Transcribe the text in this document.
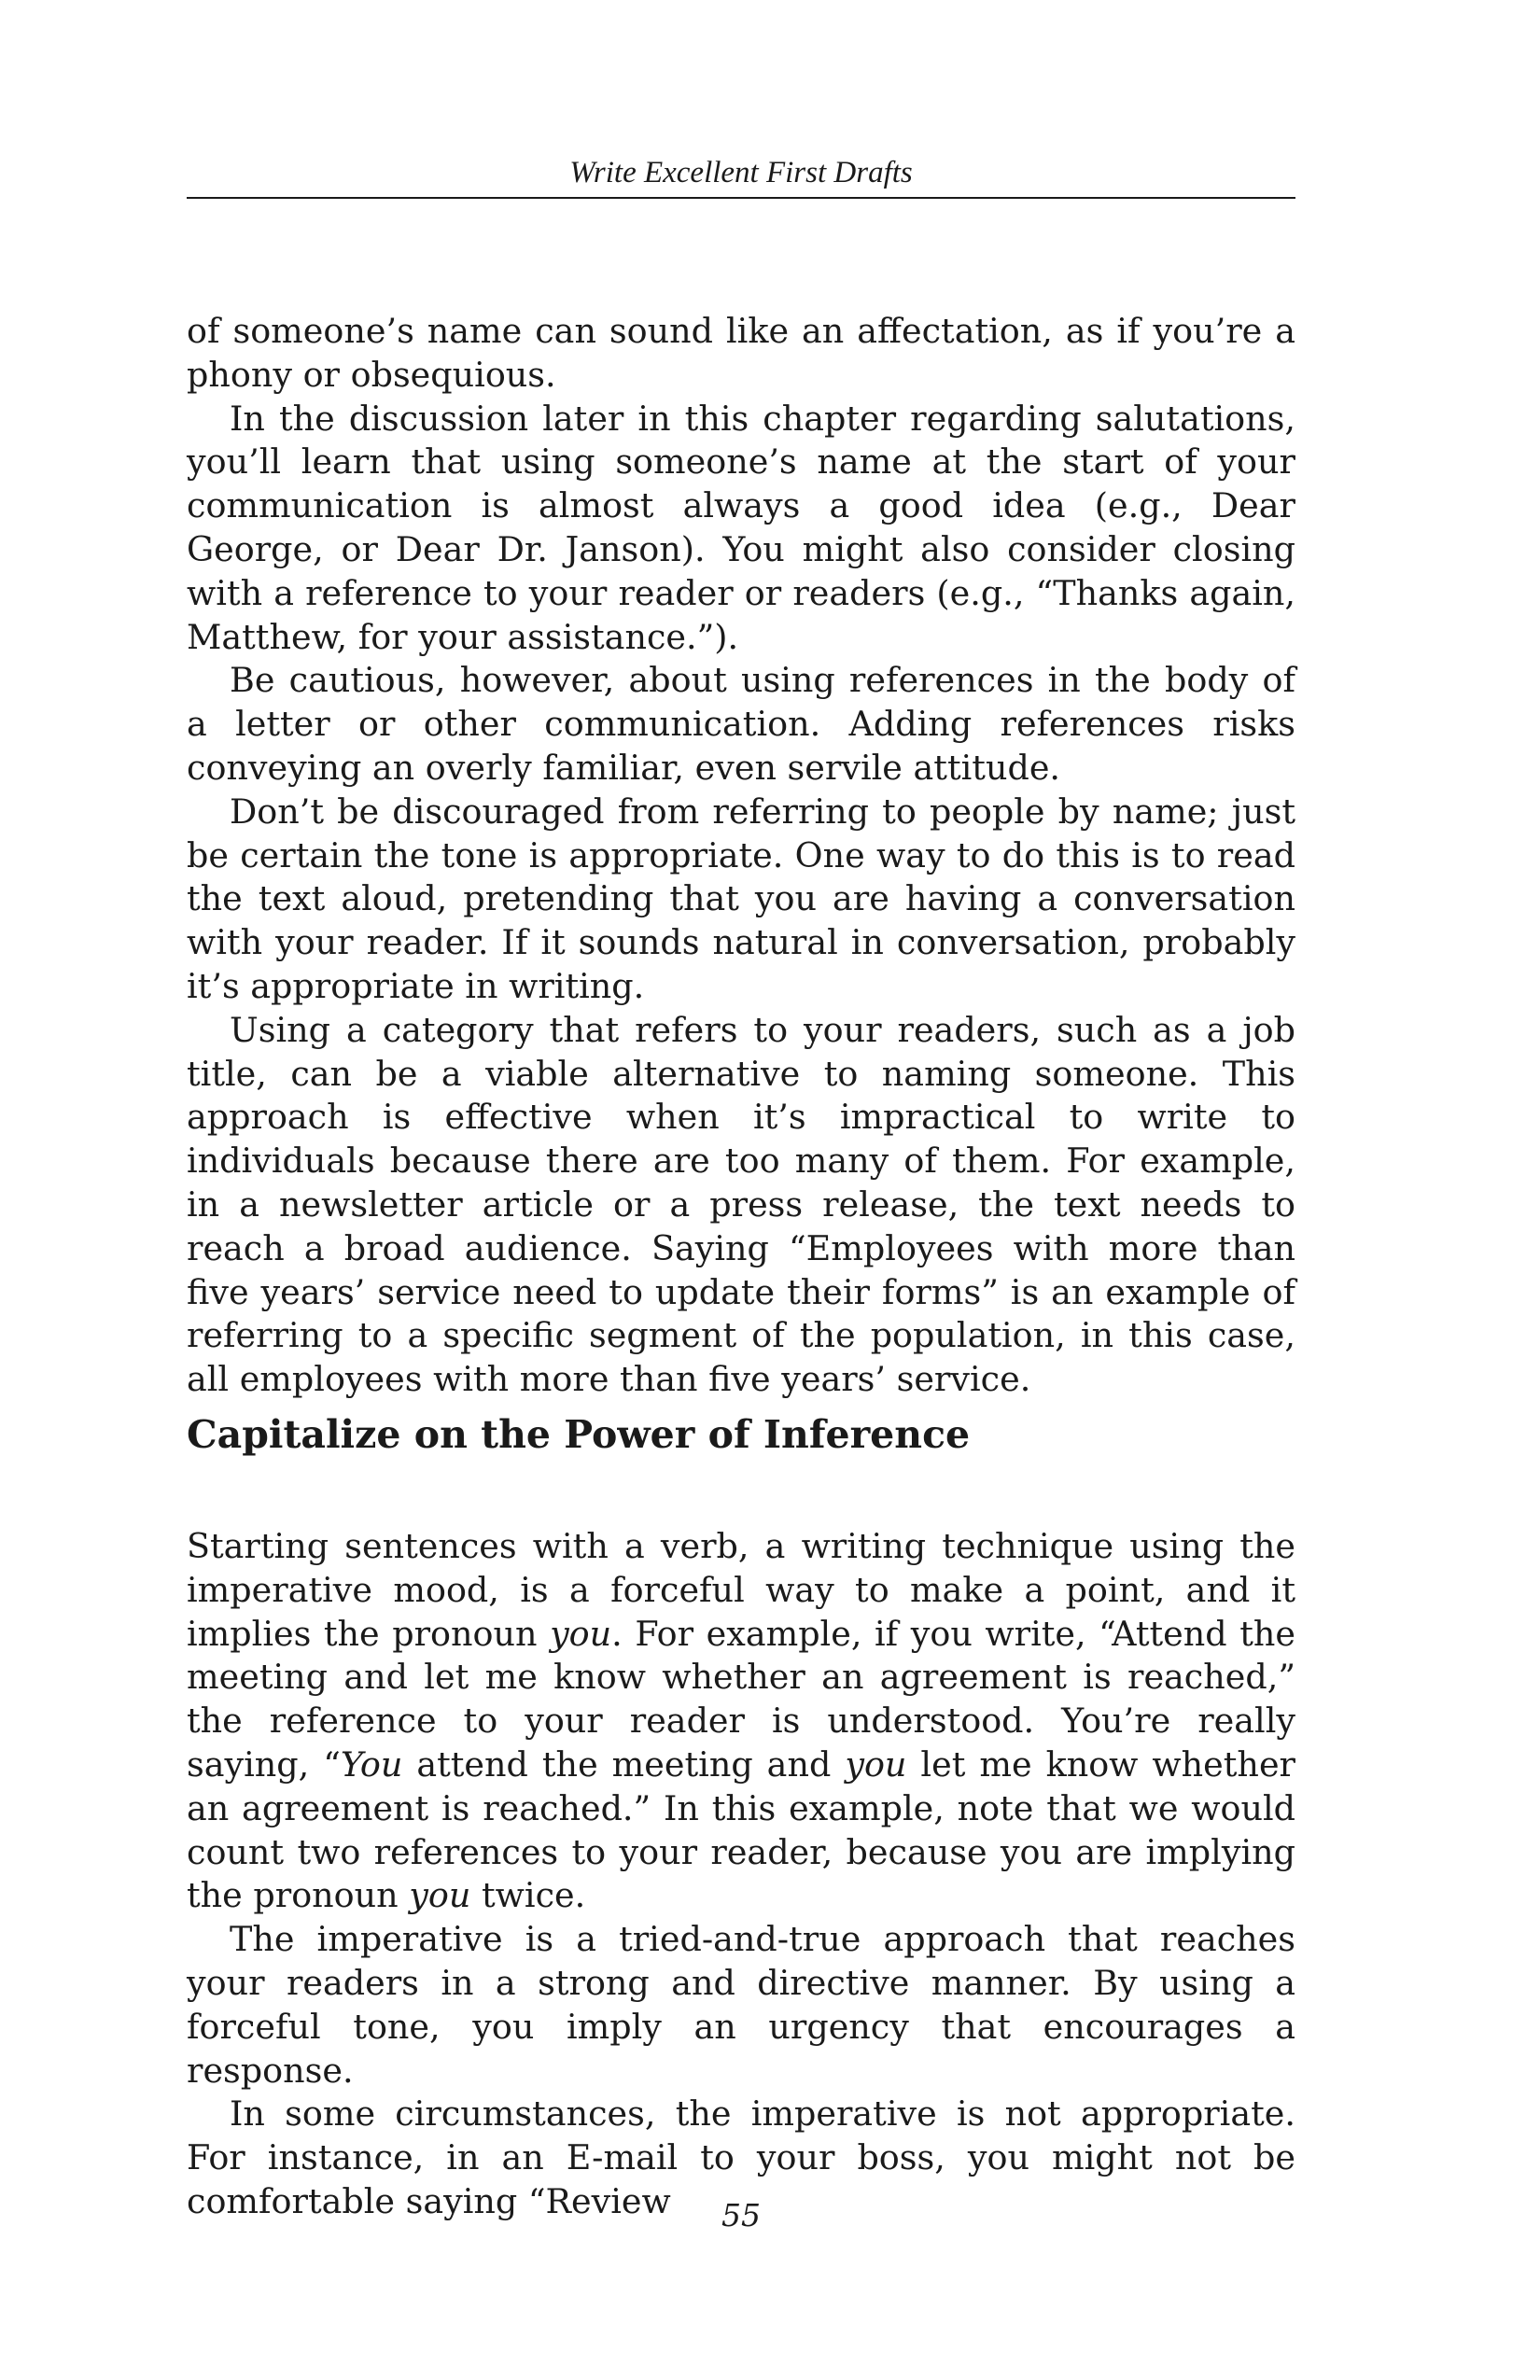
Write Excellent First Drafts

of someone’s name can sound like an affectation, as if you’re a phony or obsequious.

In the discussion later in this chapter regarding salutations, you’ll learn that using someone’s name at the start of your communication is almost always a good idea (e.g., Dear George, or Dear Dr. Janson). You might also consider closing with a reference to your reader or readers (e.g., “Thanks again, Matthew, for your assistance.”).

Be cautious, however, about using references in the body of a letter or other communication. Adding references risks conveying an overly familiar, even servile attitude.

Don’t be discouraged from referring to people by name; just be certain the tone is appropriate. One way to do this is to read the text aloud, pretending that you are having a conversation with your reader. If it sounds natural in conversation, probably it’s appropriate in writing.

Using a category that refers to your readers, such as a job title, can be a viable alternative to naming someone. This approach is effective when it’s impractical to write to individuals because there are too many of them. For example, in a newsletter article or a press release, the text needs to reach a broad audience. Saying “Employees with more than five years’ service need to update their forms” is an example of referring to a specific segment of the population, in this case, all employees with more than five years’ service.

Capitalize on the Power of Inference

Starting sentences with a verb, a writing technique using the imperative mood, is a forceful way to make a point, and it implies the pronoun you. For example, if you write, “Attend the meeting and let me know whether an agreement is reached,” the reference to your reader is understood. You’re really saying, “You attend the meeting and you let me know whether an agreement is reached.” In this example, note that we would count two references to your reader, because you are implying the pronoun you twice.

The imperative is a tried-and-true approach that reaches your readers in a strong and directive manner. By using a forceful tone, you imply an urgency that encourages a response.

In some circumstances, the imperative is not appropriate. For instance, in an E-mail to your boss, you might not be comfortable saying “Review	55
